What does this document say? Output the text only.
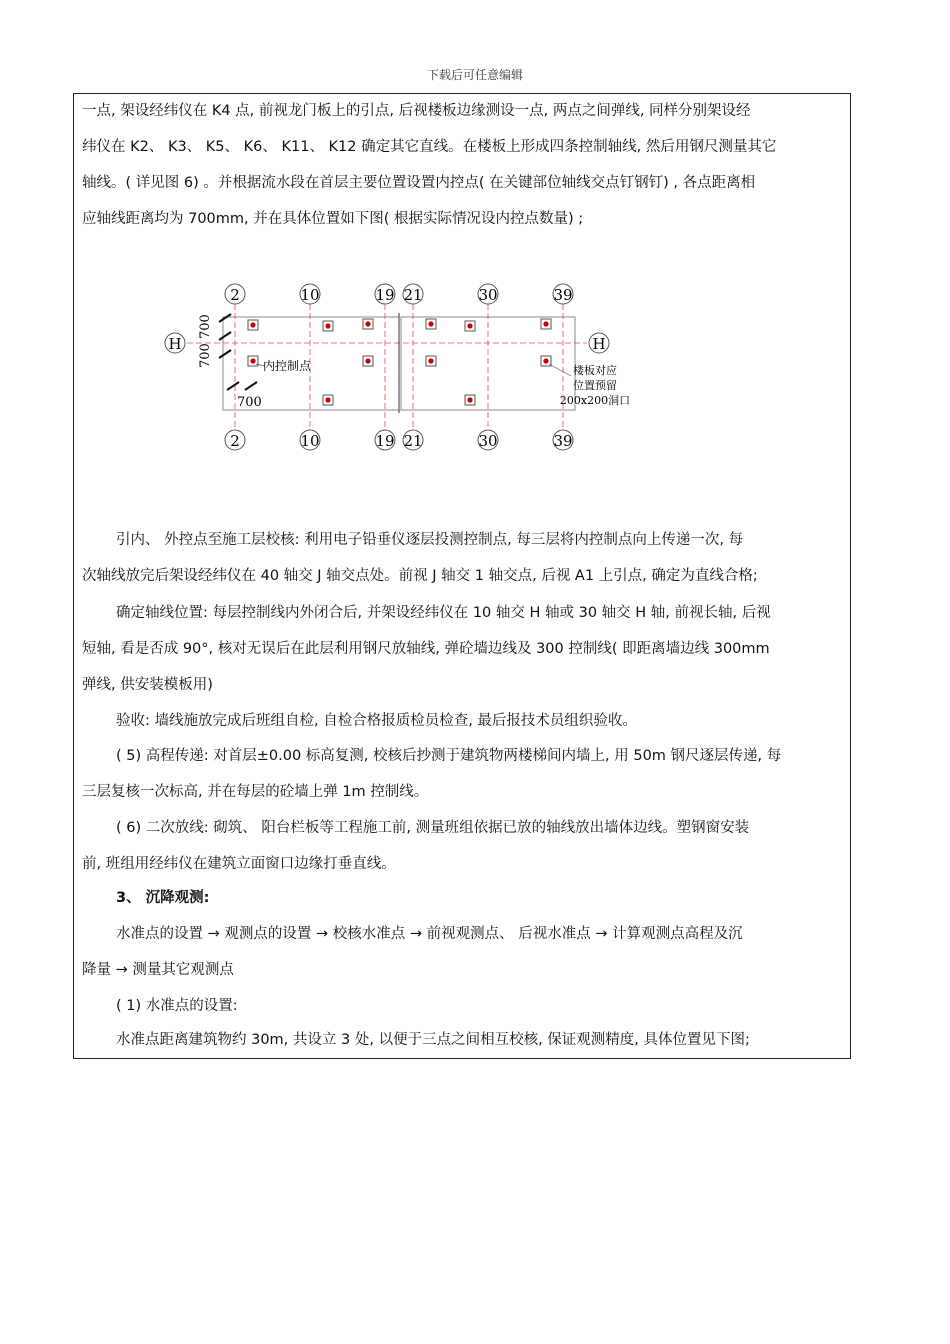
下载后可任意编辑
一点, 架设经纬仪在 K4 点, 前视龙门板上的引点, 后视楼板边缘测设一点, 两点之间弹线, 同样分别架设经
纬仪在 K2、 K3、 K5、 K6、 K11、 K12 确定其它直线。在楼板上形成四条控制轴线, 然后用钢尺测量其它
轴线。( 详见图 6) 。并根据流水段在首层主要位置设置内控点( 在关键部位轴线交点钉钢钉) , 各点距离相
应轴线距离均为 700mm, 并在具体位置如下图( 根据实际情况设内控点数量) ;
2	10	19 21	30	39
2	10	19 21	30	39
H	H
700 700
700
内控制点	楼板对应
位置预留
200x200洞口
引内、 外控点至施工层校核: 利用电子铅垂仪逐层投测控制点, 每三层将内控制点向上传递一次, 每
次轴线放完后架设经纬仪在 40 轴交 J 轴交点处。前视 J 轴交 1 轴交点, 后视 A1 上引点, 确定为直线合格;
确定轴线位置: 每层控制线内外闭合后, 并架设经纬仪在 10 轴交 H 轴或 30 轴交 H 轴, 前视长轴, 后视
短轴, 看是否成 90°, 核对无误后在此层利用钢尺放轴线, 弹砼墙边线及 300 控制线( 即距离墙边线 300mm
弹线, 供安装模板用)
验收: 墙线施放完成后班组自检, 自检合格报质检员检查, 最后报技术员组织验收。
( 5) 高程传递: 对首层±0.00 标高复测, 校核后抄测于建筑物两楼梯间内墙上, 用 50m 钢尺逐层传递, 每
三层复核一次标高, 并在每层的砼墙上弹 1m 控制线。
( 6) 二次放线: 砌筑、 阳台栏板等工程施工前, 测量班组依据已放的轴线放出墙体边线。塑钢窗安装
前, 班组用经纬仪在建筑立面窗口边缘打垂直线。
3、 沉降观测:
水准点的设置 → 观测点的设置 → 校核水准点 → 前视观测点、 后视水准点 → 计算观测点高程及沉
降量 → 测量其它观测点
( 1) 水准点的设置:
水准点距离建筑物约 30m, 共设立 3 处, 以便于三点之间相互校核, 保证观测精度, 具体位置见下图;
